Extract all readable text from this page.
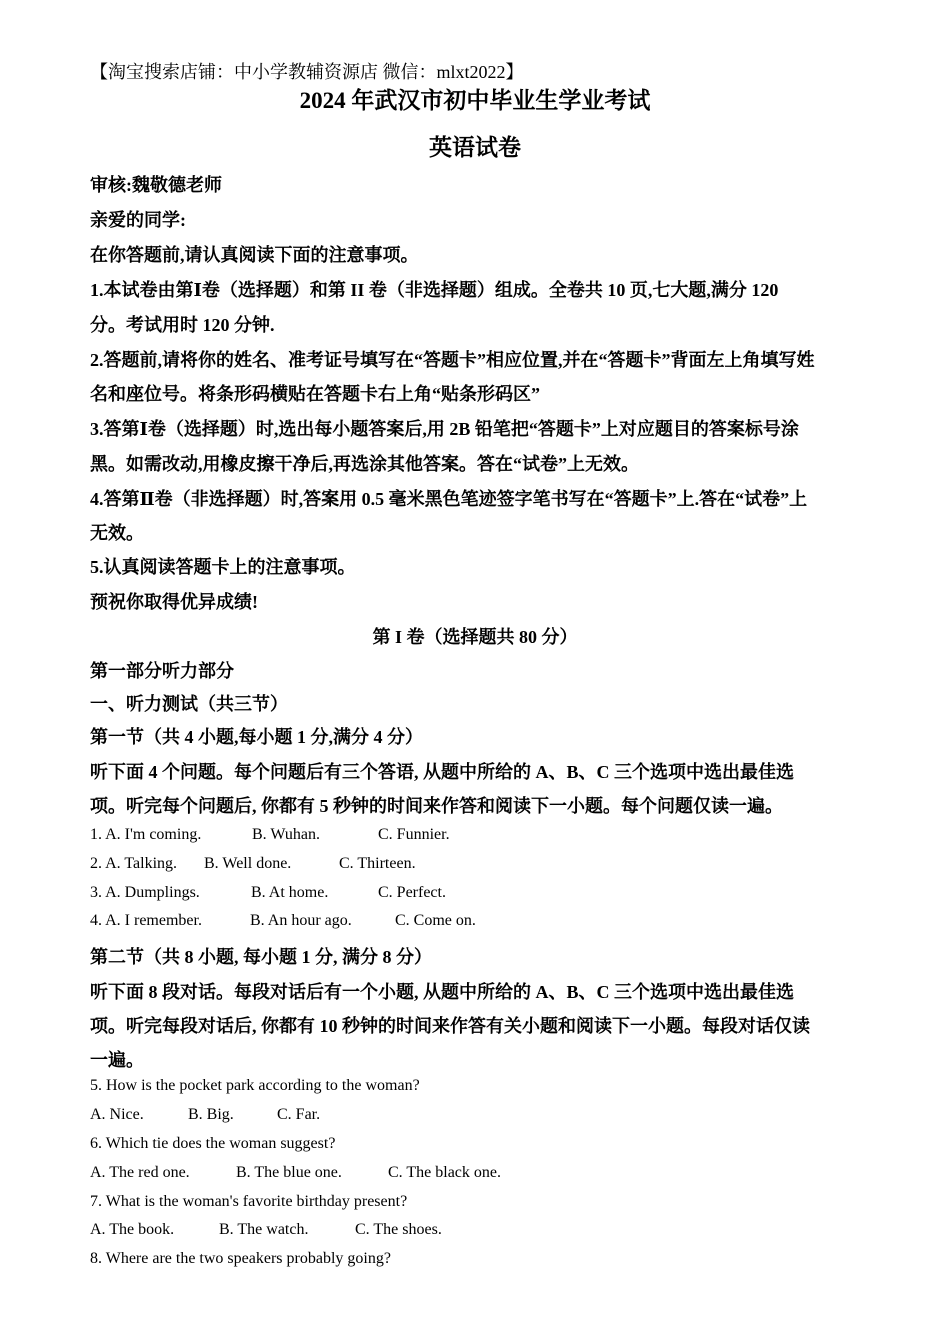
【淘宝搜索店铺：中小学教辅资源店 微信：mlxt2022】
2024 年武汉市初中毕业生学业考试
英语试卷
审核:魏敬德老师
亲爱的同学:
在你答题前,请认真阅读下面的注意事项。
1.本试卷由第Ⅰ卷（选择题）和第 II 卷（非选择题）组成。全卷共 10 页,七大题,满分 120
分。考试用时 120 分钟.
2.答题前,请将你的姓名、准考证号填写在“答题卡”相应位置,并在“答题卡”背面左上角填写姓
名和座位号。将条形码横贴在答题卡右上角“贴条形码区”
3.答第Ⅰ卷（选择题）时,选出每小题答案后,用 2B 铅笔把“答题卡”上对应题目的答案标号涂
黑。如需改动,用橡皮擦干净后,再选涂其他答案。答在“试卷”上无效。
4.答第Ⅱ卷（非选择题）时,答案用 0.5 毫米黑色笔迹签字笔书写在“答题卡”上.答在“试卷”上
无效。
5.认真阅读答题卡上的注意事项。
预祝你取得优异成绩!
第 I 卷（选择题共 80 分）
第一部分听力部分
一、听力测试（共三节）
第一节（共 4 小题,每小题 1 分,满分 4 分）
听下面 4 个问题。每个问题后有三个答语, 从题中所给的 A、B、C 三个选项中选出最佳选
项。听完每个问题后, 你都有 5 秒钟的时间来作答和阅读下一小题。每个问题仅读一遍。
1. A. I'm coming.	B. Wuhan.	C. Funnier.
2. A. Talking. B. Well done.	C. Thirteen.
3. A. Dumplings.	B. At home.	C. Perfect.
4. A. I remember.	B. An hour ago.	C. Come on.
第二节（共 8 小题, 每小题 1 分, 满分 8 分）
听下面 8 段对话。每段对话后有一个小题, 从题中所给的 A、B、C 三个选项中选出最佳选
项。听完每段对话后, 你都有 10 秒钟的时间来作答有关小题和阅读下一小题。每段对话仅读
一遍。
5. How is the pocket park according to the woman?
A. Nice.	B. Big.	C. Far.
6. Which tie does the woman suggest?
A. The red one.	B. The blue one.	C. The black one.
7. What is the woman's favorite birthday present?
A. The book.	B. The watch.	C. The shoes.
8. Where are the two speakers probably going?
